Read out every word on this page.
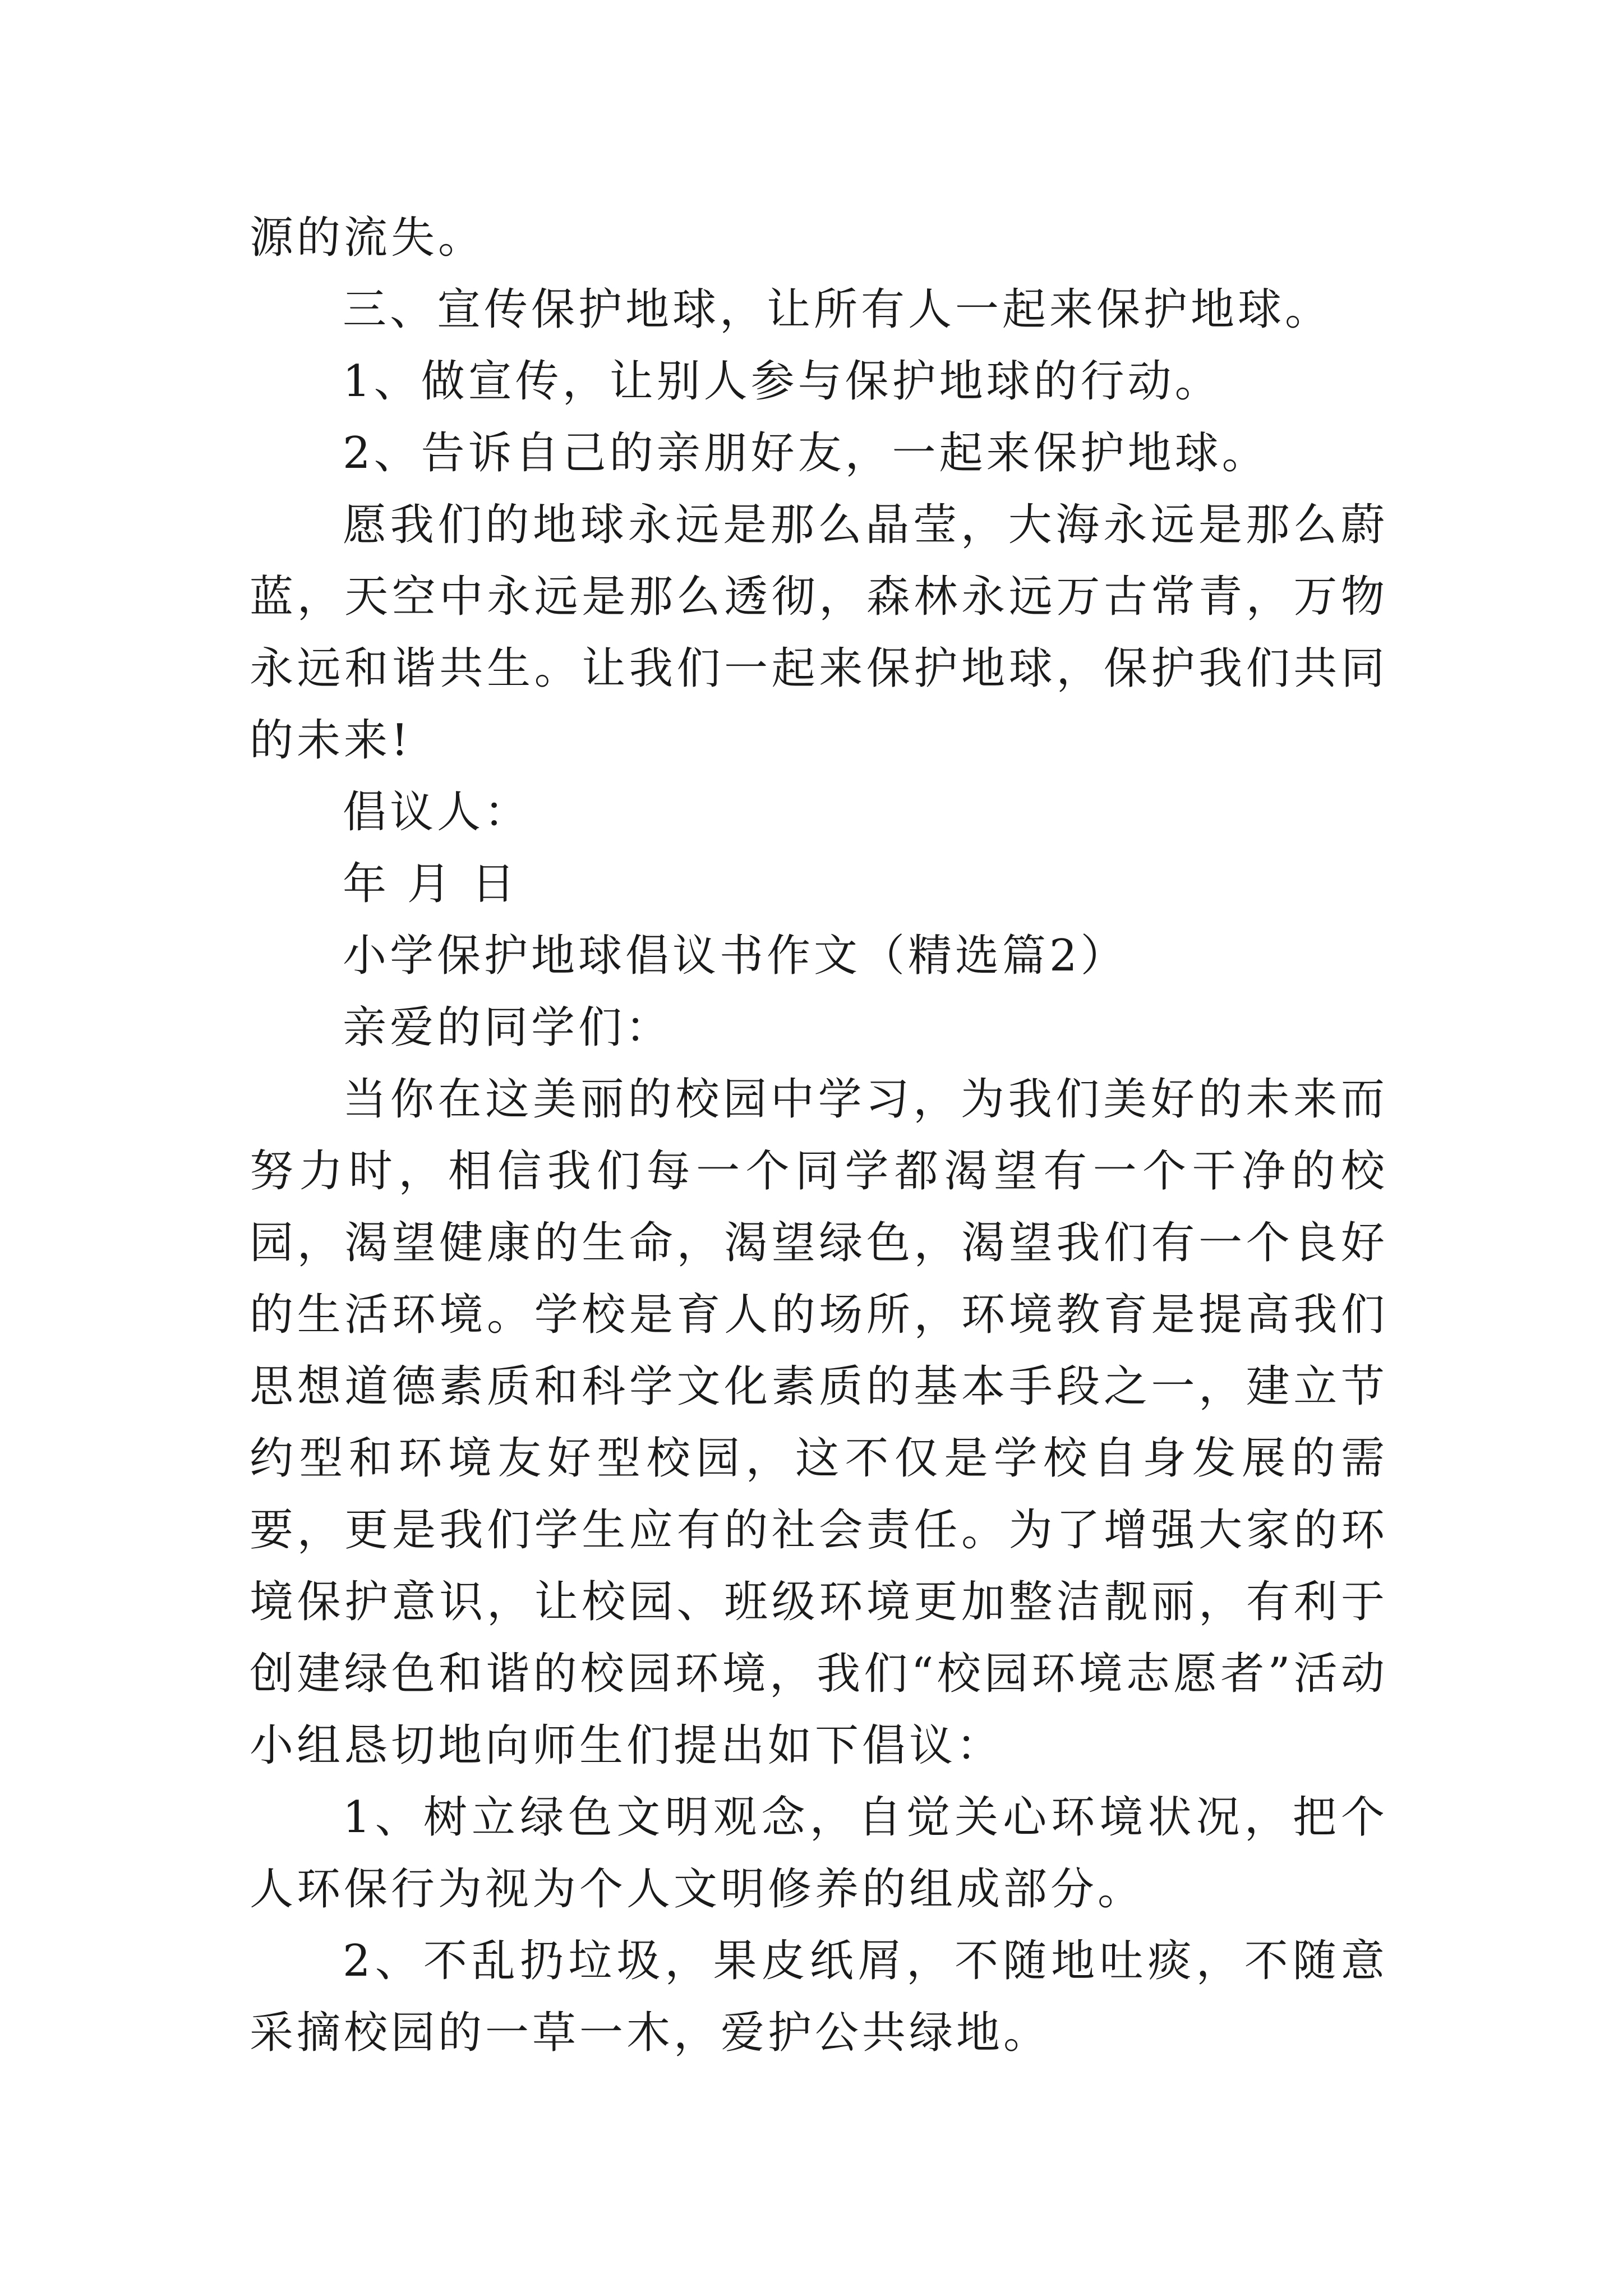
源的流失。

三、宣传保护地球，让所有人一起来保护地球。

1、做宣传，让别人参与保护地球的行动。

2、告诉自己的亲朋好友，一起来保护地球。

愿我们的地球永远是那么晶莹，大海永远是那么蔚蓝，天空中永远是那么透彻，森林永远万古常青，万物永远和谐共生。让我们一起来保护地球，保护我们共同的未来!

倡议人：

年 月 日

小学保护地球倡议书作文（精选篇2）

亲爱的同学们：

当你在这美丽的校园中学习，为我们美好的未来而努力时，相信我们每一个同学都渴望有一个干净的校园，渴望健康的生命，渴望绿色，渴望我们有一个良好的生活环境。学校是育人的场所，环境教育是提高我们思想道德素质和科学文化素质的基本手段之一，建立节约型和环境友好型校园，这不仅是学校自身发展的需要，更是我们学生应有的社会责任。为了增强大家的环境保护意识，让校园、班级环境更加整洁靓丽，有利于创建绿色和谐的校园环境，我们“校园环境志愿者”活动小组恳切地向师生们提出如下倡议：

1、树立绿色文明观念，自觉关心环境状况，把个人环保行为视为个人文明修养的组成部分。

2、不乱扔垃圾，果皮纸屑，不随地吐痰，不随意采摘校园的一草一木，爱护公共绿地。
